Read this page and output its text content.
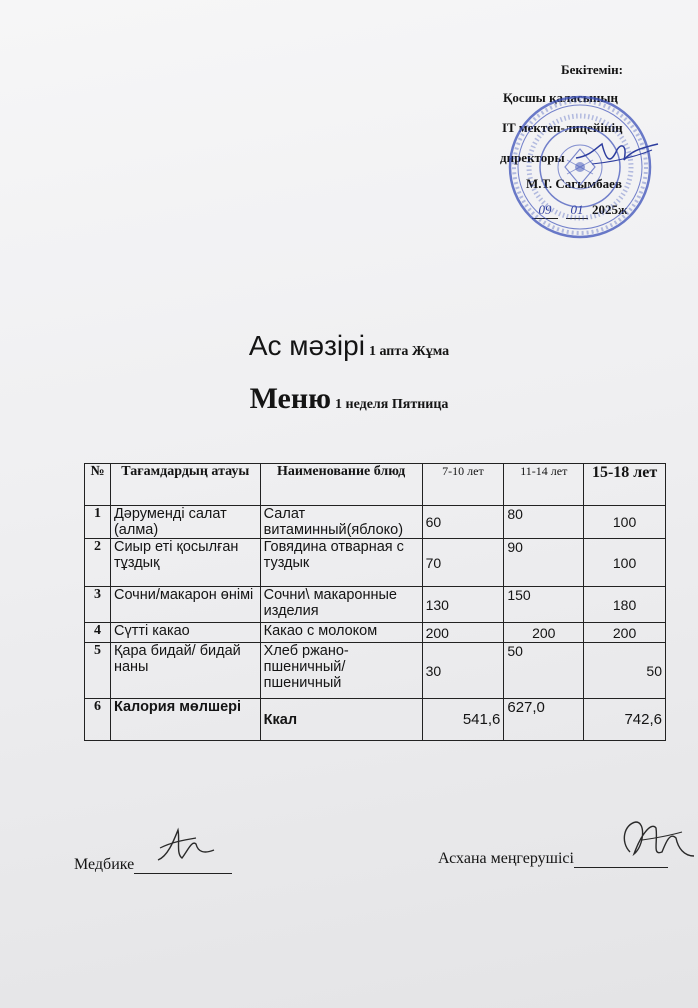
Бекітемін:
Қосшы қаласының
IT мектеп-лицейінің
директоры
М.Т. Сагымбаев
09	01 2025ж
Ас мәзірі 1 апта Жұма
Меню 1 неделя Пятница
№	Тағамдардың атауы	Наименование блюд	7-10 лет	11-14 лет	15-18 лет
1	Дәрумендi салат (алма)	Салат витаминный(яблоко)	60	80	100
2	Сиыр етi қосылған тұздық	Говядина отварная с туздык	70	90	100
3	Сочни/макарон өнiмi	Сочни\ макаронные изделия	130	150	180
4	Сүттi какао	Какао с молоком	200	200	200
5	Қара бидай/ бидай наны	Хлеб ржано-пшеничный/ пшеничный	30	50	50
6	Калория мөлшерi	Ккал	541,6	627,0	742,6
Медбике	Асхана меңгерушісі
